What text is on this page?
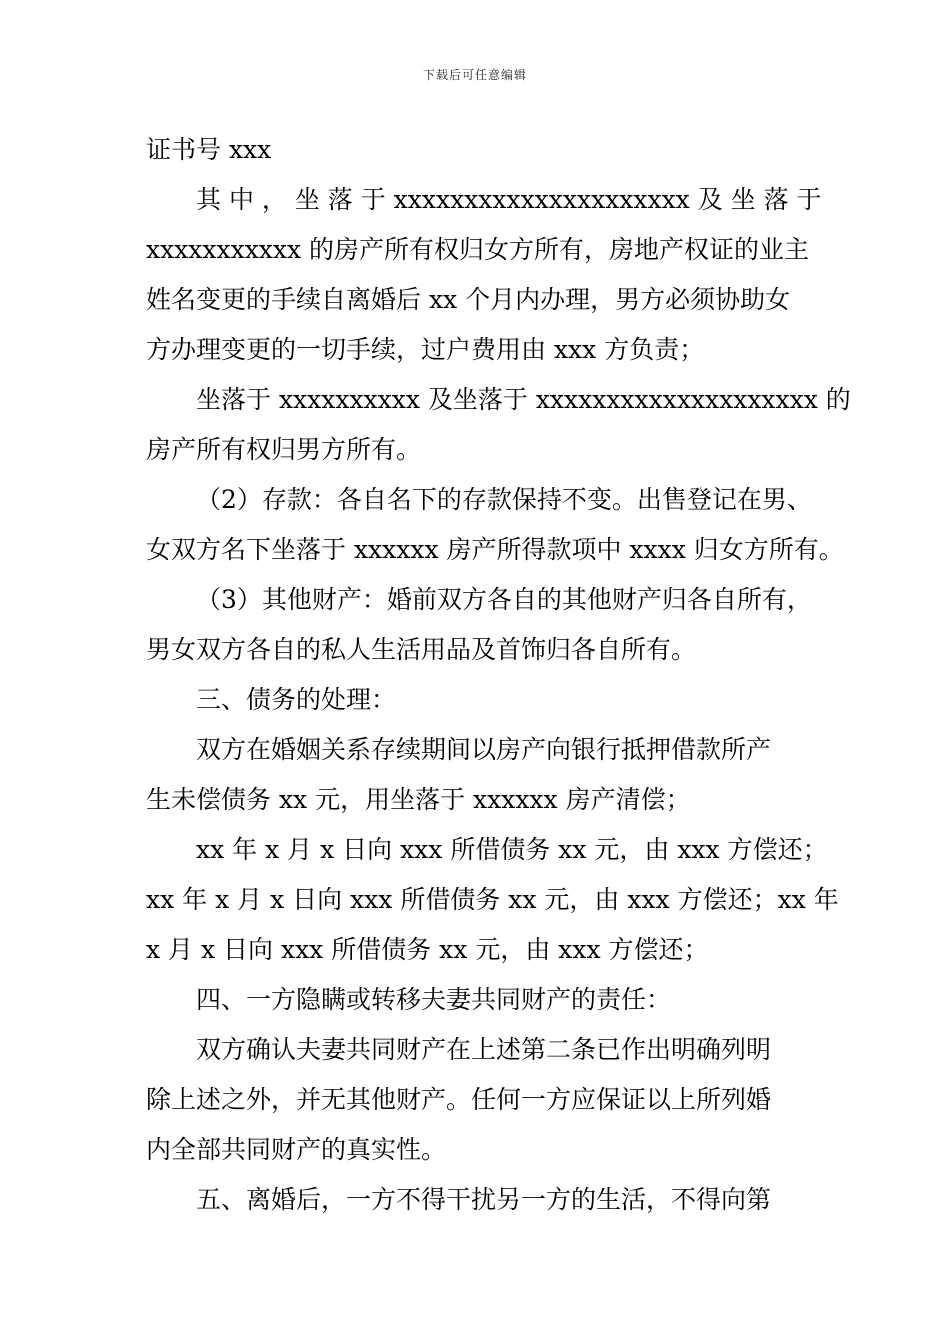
下载后可任意编辑
证书号 xxx
其 中 ， 坐 落 于 xxxxxxxxxxxxxxxxxxxxx 及 坐 落 于
xxxxxxxxxxx 的房产所有权归女方所有，房地产权证的业主
姓名变更的手续自离婚后 xx 个月内办理，男方必须协助女
方办理变更的一切手续，过户费用由 xxx 方负责；
坐落于 xxxxxxxxxx 及坐落于 xxxxxxxxxxxxxxxxxxxx 的
房产所有权归男方所有。
（2）存款：各自名下的存款保持不变。出售登记在男、
女双方名下坐落于 xxxxxx 房产所得款项中 xxxx 归女方所有。
（3）其他财产：婚前双方各自的其他财产归各自所有，
男女双方各自的私人生活用品及首饰归各自所有。
三、债务的处理：
双方在婚姻关系存续期间以房产向银行抵押借款所产
生未偿债务 xx 元，用坐落于 xxxxxx 房产清偿；
xx 年 x 月 x 日向 xxx 所借债务 xx 元，由 xxx 方偿还；
xx 年 x 月 x 日向 xxx 所借债务 xx 元，由 xxx 方偿还；xx 年
x 月 x 日向 xxx 所借债务 xx 元，由 xxx 方偿还；
四、一方隐瞒或转移夫妻共同财产的责任：
双方确认夫妻共同财产在上述第二条已作出明确列明
除上述之外，并无其他财产。任何一方应保证以上所列婚
内全部共同财产的真实性。
五、离婚后，一方不得干扰另一方的生活，不得向第
